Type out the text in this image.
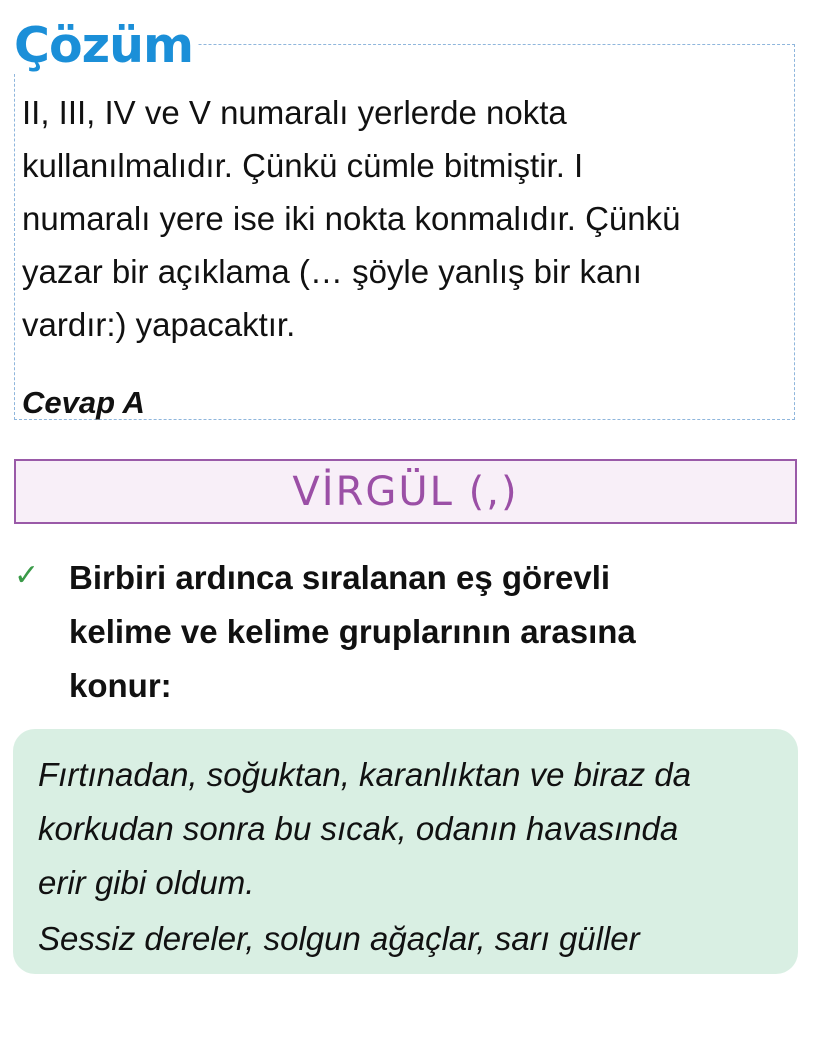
Çözüm
II, III, IV ve V numaralı yerlerde nokta
kullanılmalıdır. Çünkü cümle bitmiştir. I
numaralı yere ise iki nokta konmalıdır. Çünkü
yazar bir açıklama (… şöyle yanlış bir kanı
vardır:) yapacaktır.

Cevap A

VİRGÜL (,)
✓ Birbiri ardınca sıralanan eş görevli
kelime ve kelime gruplarının arasına
konur:

Fırtınadan, soğuktan, karanlıktan ve biraz da

korkudan sonra bu sıcak, odanın havasında

erir gibi oldum.

Sessiz dereler, solgun ağaçlar, sarı güller
